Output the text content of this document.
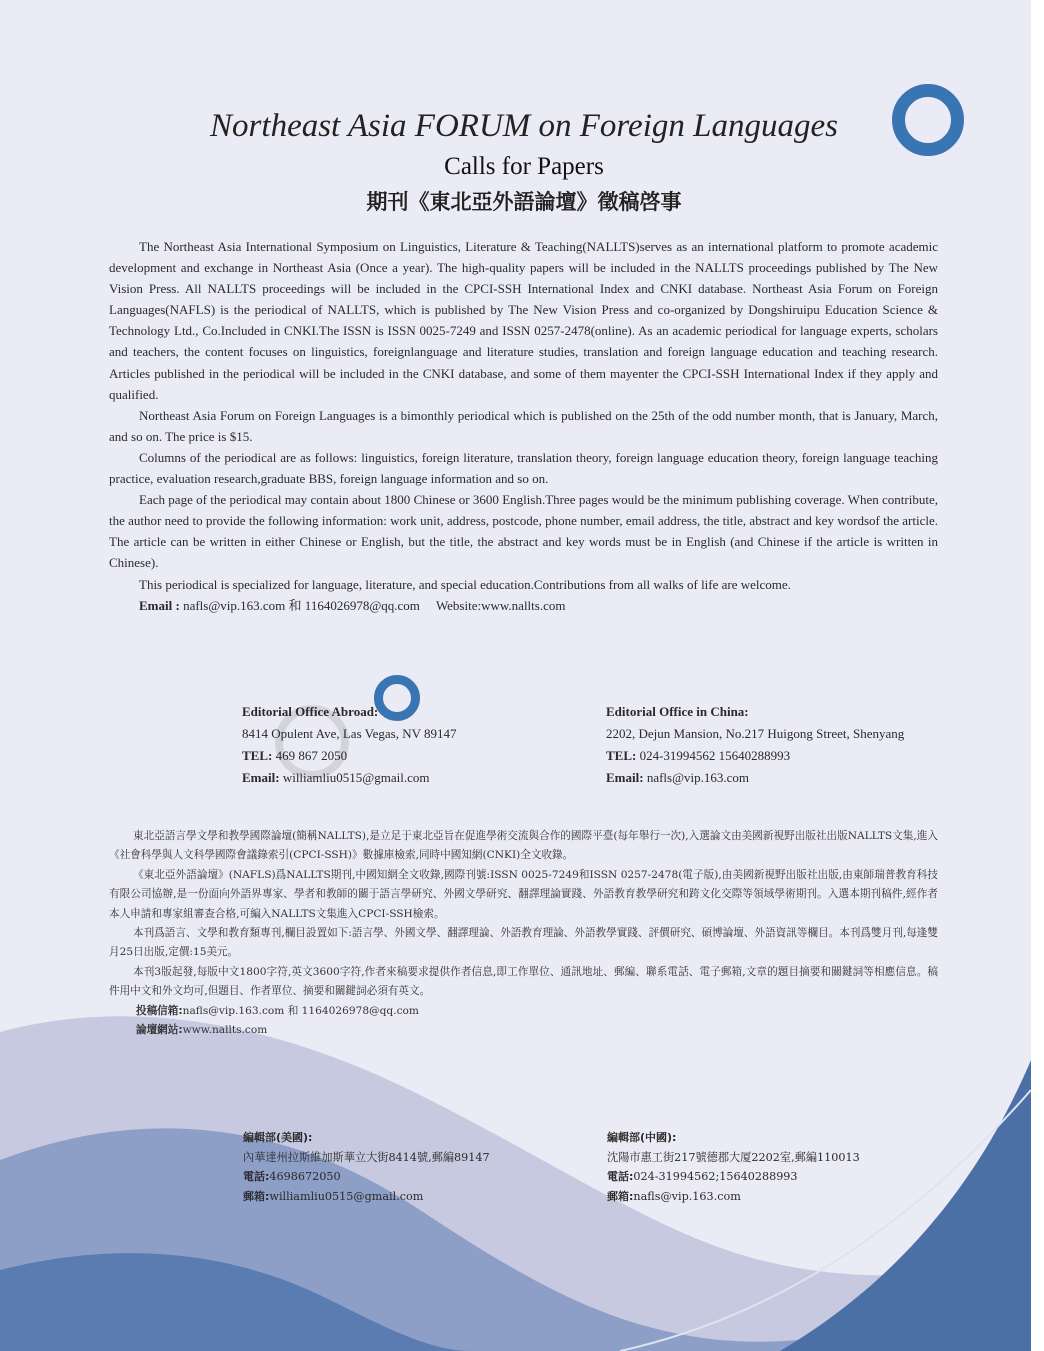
Northeast Asia FORUM on Foreign Languages
Calls for Papers
期刊《東北亞外語論壇》徵稿啓事

The Northeast Asia International Symposium on Linguistics, Literature & Teaching(NALLTS)serves as an international platform to promote academic development and exchange in Northeast Asia (Once a year). The high-quality papers will be included in the NALLTS proceedings published by The New Vision Press. All NALLTS proceedings will be included in the CPCI-SSH International Index and CNKI database. Northeast Asia Forum on Foreign Languages(NAFLS) is the periodical of NALLTS, which is published by The New Vision Press and co-organized by Dongshiruipu Education Science & Technology Ltd., Co.Included in CNKI.The ISSN is ISSN 0025-7249 and ISSN 0257-2478(online). As an academic periodical for language experts, scholars and teachers, the content focuses on linguistics, foreignlanguage and literature studies, translation and foreign language education and teaching research. Articles published in the periodical will be included in the CNKI database, and some of them mayenter the CPCI-SSH International Index if they apply and qualified.

Northeast Asia Forum on Foreign Languages is a bimonthly periodical which is published on the 25th of the odd number month, that is January, March, and so on. The price is $15.

Columns of the periodical are as follows: linguistics, foreign literature, translation theory, foreign language education theory, foreign language teaching practice, evaluation research,graduate BBS, foreign language information and so on.

Each page of the periodical may contain about 1800 Chinese or 3600 English.Three pages would be the minimum publishing coverage. When contribute, the author need to provide the following information: work unit, address, postcode, phone number, email address, the title, abstract and key wordsof the article. The article can be written in either Chinese or English, but the title, the abstract and key words must be in English (and Chinese if the article is written in Chinese).

This periodical is specialized for language, literature, and special education.Contributions from all walks of life are welcome.

Email : nafls@vip.163.com 和 1164026978@qq.com Website:www.nallts.com
Editorial Office Abroad:
8414 Opulent Ave, Las Vegas, NV 89147
TEL: 469 867 2050
Email: williamliu0515@gmail.com
Editorial Office in China:
2202, Dejun Mansion, No.217 Huigong Street, Shenyang
TEL: 024-31994562 15640288993
Email: nafls@vip.163.com

東北亞語言學文學和教學國際論壇(簡稱NALLTS),是立足于東北亞旨在促進學術交流與合作的國際平臺(每年舉行一次),入選論文由美國新視野出版社出版NALLTS文集,進入《社會科學與人文科學國際會議錄索引(CPCI-SSH)》數據庫檢索,同時中國知網(CNKI)全文收錄。

《東北亞外語論壇》(NAFLS)爲NALLTS期刊,中國知網全文收錄,國際刊號:ISSN 0025-7249和ISSN 0257-2478(電子版),由美國新視野出版社出版,由東師瑞普教育科技有限公司協辦,是一份面向外語界專家、學者和教師的關于語言學研究、外國文學研究、翻譯理論實踐、外語教育教學研究和跨文化交際等領域學術期刊。入選本期刊稿件,經作者本人申請和專家組審查合格,可編入NALLTS文集進入CPCI-SSH檢索。

本刊爲語言、文學和教育類專刊,欄目設置如下:語言學、外國文學、翻譯理論、外語教育理論、外語教學實踐、評價研究、碩博論壇、外語資訊等欄目。本刊爲雙月刊,每逢雙月25日出版,定價:15美元。

本刊3版起發,每版中文1800字符,英文3600字符,作者來稿要求提供作者信息,即工作單位、通訊地址、郵編、聯系電話、電子郵箱,文章的題目摘要和關鍵詞等相應信息。稿件用中文和外文均可,但題目、作者單位、摘要和關鍵詞必須有英文。

投稿信箱:nafls@vip.163.com 和 1164026978@qq.com
論壇網站:www.nallts.com
編輯部(美國):
內華達州拉斯維加斯華立大街8414號,郵編89147
電話:4698672050
郵箱:williamliu0515@gmail.com
編輯部(中國):
沈陽市惠工街217號德郡大厦2202室,郵編110013
電話:024-31994562;15640288993
郵箱:nafls@vip.163.com
